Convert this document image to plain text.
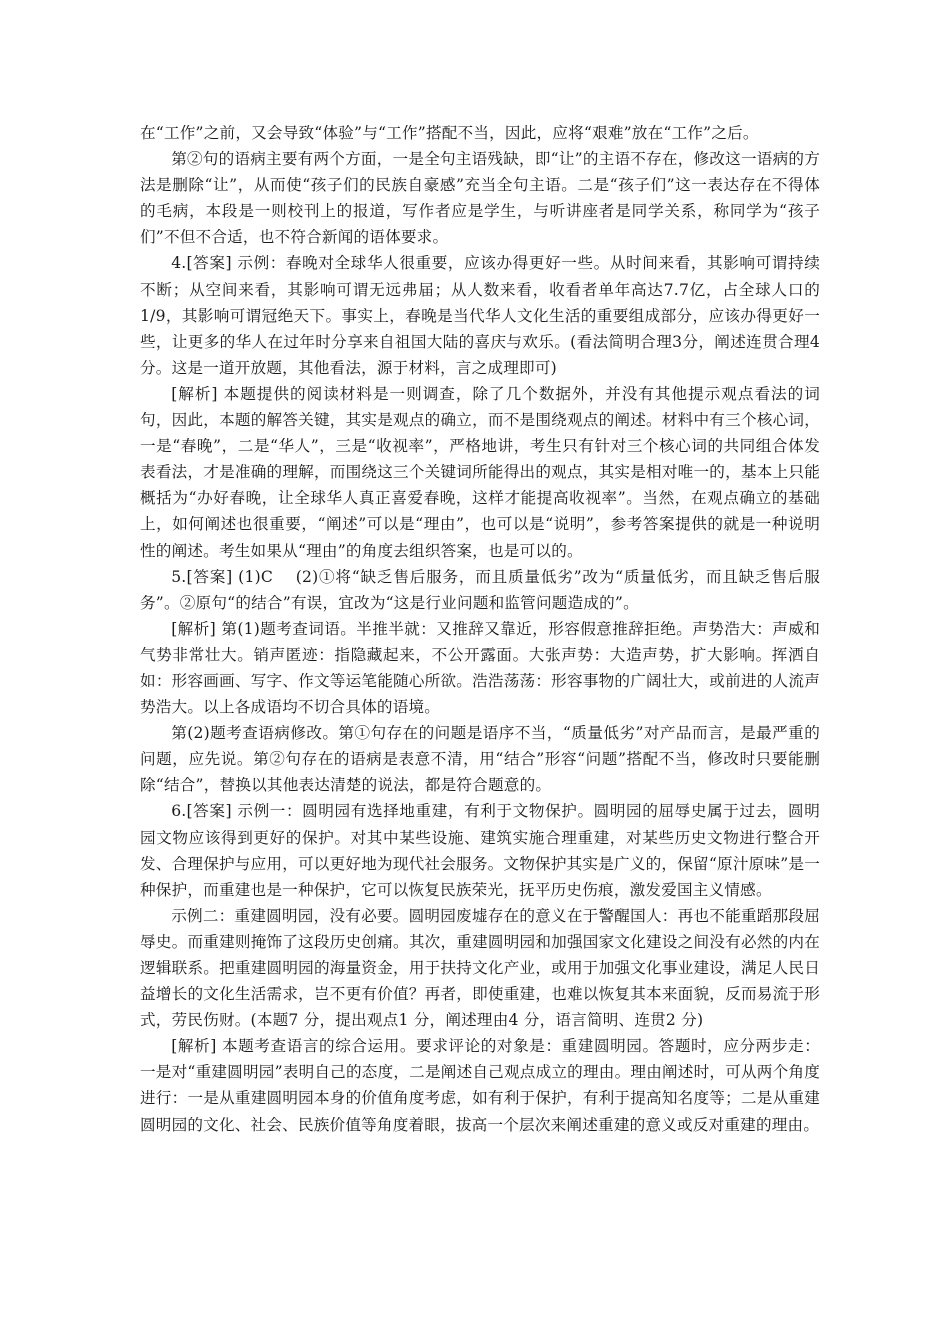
在“工作”之前，又会导致“体验”与“工作”搭配不当，因此，应将“艰难”放在“工作”之后。

第②句的语病主要有两个方面，一是全句主语残缺，即“让”的主语不存在，修改这一语病的方法是删除“让”，从而使“孩子们的民族自豪感”充当全句主语。二是“孩子们”这一表达存在不得体的毛病，本段是一则校刊上的报道，写作者应是学生，与听讲座者是同学关系，称同学为“孩子们”不但不合适，也不符合新闻的语体要求。

4.[答案] 示例：春晚对全球华人很重要，应该办得更好一些。从时间来看，其影响可谓持续不断；从空间来看，其影响可谓无远弗届；从人数来看，收看者单年高达7.7亿，占全球人口的1/9，其影响可谓冠绝天下。事实上，春晚是当代华人文化生活的重要组成部分，应该办得更好一些，让更多的华人在过年时分享来自祖国大陆的喜庆与欢乐。(看法简明合理3分，阐述连贯合理4分。这是一道开放题，其他看法，源于材料，言之成理即可)

[解析] 本题提供的阅读材料是一则调查，除了几个数据外，并没有其他提示观点看法的词句，因此，本题的解答关键，其实是观点的确立，而不是围绕观点的阐述。材料中有三个核心词，一是“春晚”，二是“华人”，三是“收视率”，严格地讲，考生只有针对三个核心词的共同组合体发表看法，才是准确的理解，而围绕这三个关键词所能得出的观点，其实是相对唯一的，基本上只能概括为“办好春晚，让全球华人真正喜爱春晚，这样才能提高收视率”。当然，在观点确立的基础上，如何阐述也很重要，“阐述”可以是“理由”，也可以是“说明”，参考答案提供的就是一种说明性的阐述。考生如果从“理由”的角度去组织答案，也是可以的。

5.[答案] (1)C　 (2)①将“缺乏售后服务，而且质量低劣”改为“质量低劣，而且缺乏售后服务”。②原句“的结合”有误，宜改为“这是行业问题和监管问题造成的”。

[解析] 第(1)题考查词语。半推半就：又推辞又靠近，形容假意推辞拒绝。声势浩大：声威和气势非常壮大。销声匿迹：指隐藏起来，不公开露面。大张声势：大造声势，扩大影响。挥洒自如：形容画画、写字、作文等运笔能随心所欲。浩浩荡荡：形容事物的广阔壮大，或前进的人流声势浩大。以上各成语均不切合具体的语境。

第(2)题考查语病修改。第①句存在的问题是语序不当，“质量低劣”对产品而言，是最严重的问题，应先说。第②句存在的语病是表意不清，用“结合”形容“问题”搭配不当，修改时只要能删除“结合”，替换以其他表达清楚的说法，都是符合题意的。

6.[答案] 示例一：圆明园有选择地重建，有利于文物保护。圆明园的屈辱史属于过去，圆明园文物应该得到更好的保护。对其中某些设施、建筑实施合理重建，对某些历史文物进行整合开发、合理保护与应用，可以更好地为现代社会服务。文物保护其实是广义的，保留“原汁原味”是一种保护，而重建也是一种保护，它可以恢复民族荣光，抚平历史伤痕，激发爱国主义情感。

示例二：重建圆明园，没有必要。圆明园废墟存在的意义在于警醒国人：再也不能重蹈那段屈辱史。而重建则掩饰了这段历史创痛。其次，重建圆明园和加强国家文化建设之间没有必然的内在逻辑联系。把重建圆明园的海量资金，用于扶持文化产业，或用于加强文化事业建设，满足人民日益增长的文化生活需求，岂不更有价值？再者，即使重建，也难以恢复其本来面貌，反而易流于形式，劳民伤财。(本题7 分，提出观点1 分，阐述理由4 分，语言简明、连贯2 分)

[解析] 本题考查语言的综合运用。要求评论的对象是：重建圆明园。答题时，应分两步走：一是对“重建圆明园”表明自己的态度，二是阐述自己观点成立的理由。理由阐述时，可从两个角度进行：一是从重建圆明园本身的价值角度考虑，如有利于保护，有利于提高知名度等；二是从重建圆明园的文化、社会、民族价值等角度着眼，拔高一个层次来阐述重建的意义或反对重建的理由。
